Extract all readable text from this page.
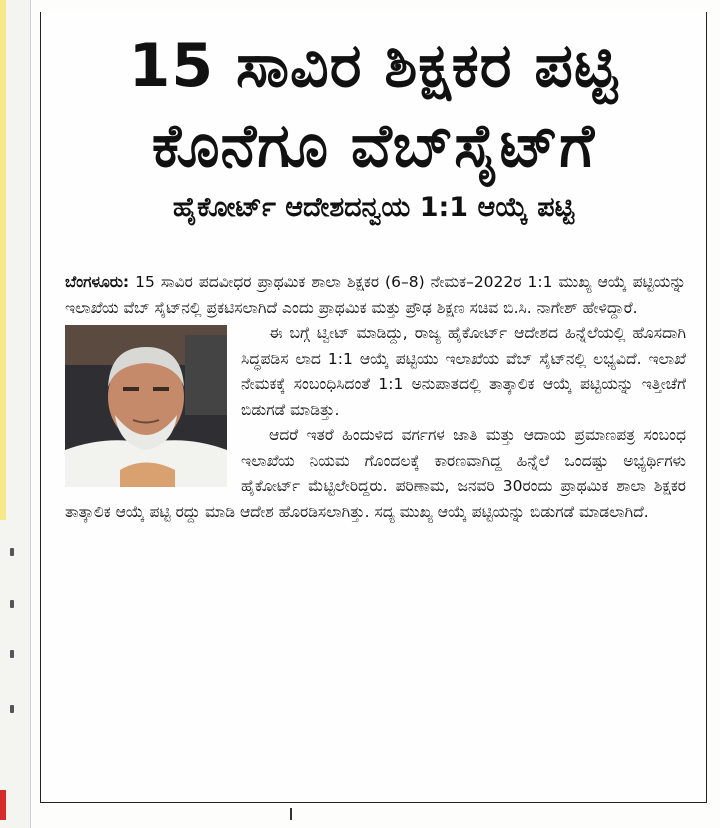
15 ಸಾವಿರ ಶಿಕ್ಷಕರ ಪಟ್ಟಿ
ಕೊನೆಗೂ ವೆಬ್‌ಸೈಟ್‌ಗೆ
ಹೈಕೋರ್ಟ್ ಆದೇಶದನ್ವಯ 1:1 ಆಯ್ಕೆ ಪಟ್ಟಿ

ಬೆಂಗಳೂರು: 15 ಸಾವಿರ ಪದವೀಧರ ಪ್ರಾಥಮಿಕ ಶಾಲಾ ಶಿಕ್ಷಕರ (6–8) ನೇಮಕ–2022ರ 1:1 ಮುಖ್ಯ ಆಯ್ಕೆ ಪಟ್ಟಿಯನ್ನು ಇಲಾಖೆಯ ವೆಬ್ ಸೈಟ್‌ನಲ್ಲಿ ಪ್ರಕಟಿಸಲಾಗಿದೆ ಎಂದು ಪ್ರಾಥಮಿಕ ಮತ್ತು ಪ್ರೌಢ ಶಿಕ್ಷಣ ಸಚಿವ ಬಿ.ಸಿ. ನಾಗೇಶ್ ಹೇಳಿದ್ದಾರೆ.

ಈ ಬಗ್ಗೆ ಟ್ವೀಟ್ ಮಾಡಿದ್ದು, ರಾಜ್ಯ ಹೈಕೋರ್ಟ್ ಆದೇಶದ ಹಿನ್ನೆಲೆಯಲ್ಲಿ ಹೊಸದಾಗಿ ಸಿದ್ಧಪಡಿಸ ಲಾದ 1:1 ಆಯ್ಕೆ ಪಟ್ಟಿಯು ಇಲಾಖೆಯ ವೆಬ್ ಸೈಟ್‌ನಲ್ಲಿ ಲಭ್ಯವಿದೆ. ಇಲಾಖೆ ನೇಮಕಕ್ಕೆ ಸಂಬಂಧಿಸಿದಂತೆ 1:1 ಅನುಪಾತದಲ್ಲಿ ತಾತ್ಕಾಲಿಕ ಆಯ್ಕೆ ಪಟ್ಟಿಯನ್ನು ಇತ್ತೀಚೆಗೆ ಬಿಡುಗಡೆ ಮಾಡಿತ್ತು.

ಆದರೆ ಇತರೆ ಹಿಂದುಳಿದ ವರ್ಗಗಳ ಜಾತಿ ಮತ್ತು ಆದಾಯ ಪ್ರಮಾಣಪತ್ರ ಸಂಬಂಧ ಇಲಾಖೆಯ ನಿಯಮ ಗೊಂದಲಕ್ಕೆ ಕಾರಣವಾಗಿದ್ದ ಹಿನ್ನೆಲೆ ಒಂದಷ್ಟು ಅಭ್ಯರ್ಥಿಗಳು ಹೈಕೋರ್ಟ್ ಮೆಟ್ಟಿಲೇರಿದ್ದರು. ಪರಿಣಾಮ, ಜನವರಿ 30ರಂದು ಪ್ರಾಥಮಿಕ ಶಾಲಾ ಶಿಕ್ಷಕರ ತಾತ್ಕಾಲಿಕ ಆಯ್ಕೆ ಪಟ್ಟಿ ರದ್ದು ಮಾಡಿ ಆದೇಶ ಹೊರಡಿಸಲಾಗಿತ್ತು. ಸದ್ಯ ಮುಖ್ಯ ಆಯ್ಕೆ ಪಟ್ಟಿಯನ್ನು ಬಿಡುಗಡೆ ಮಾಡಲಾಗಿದೆ.
